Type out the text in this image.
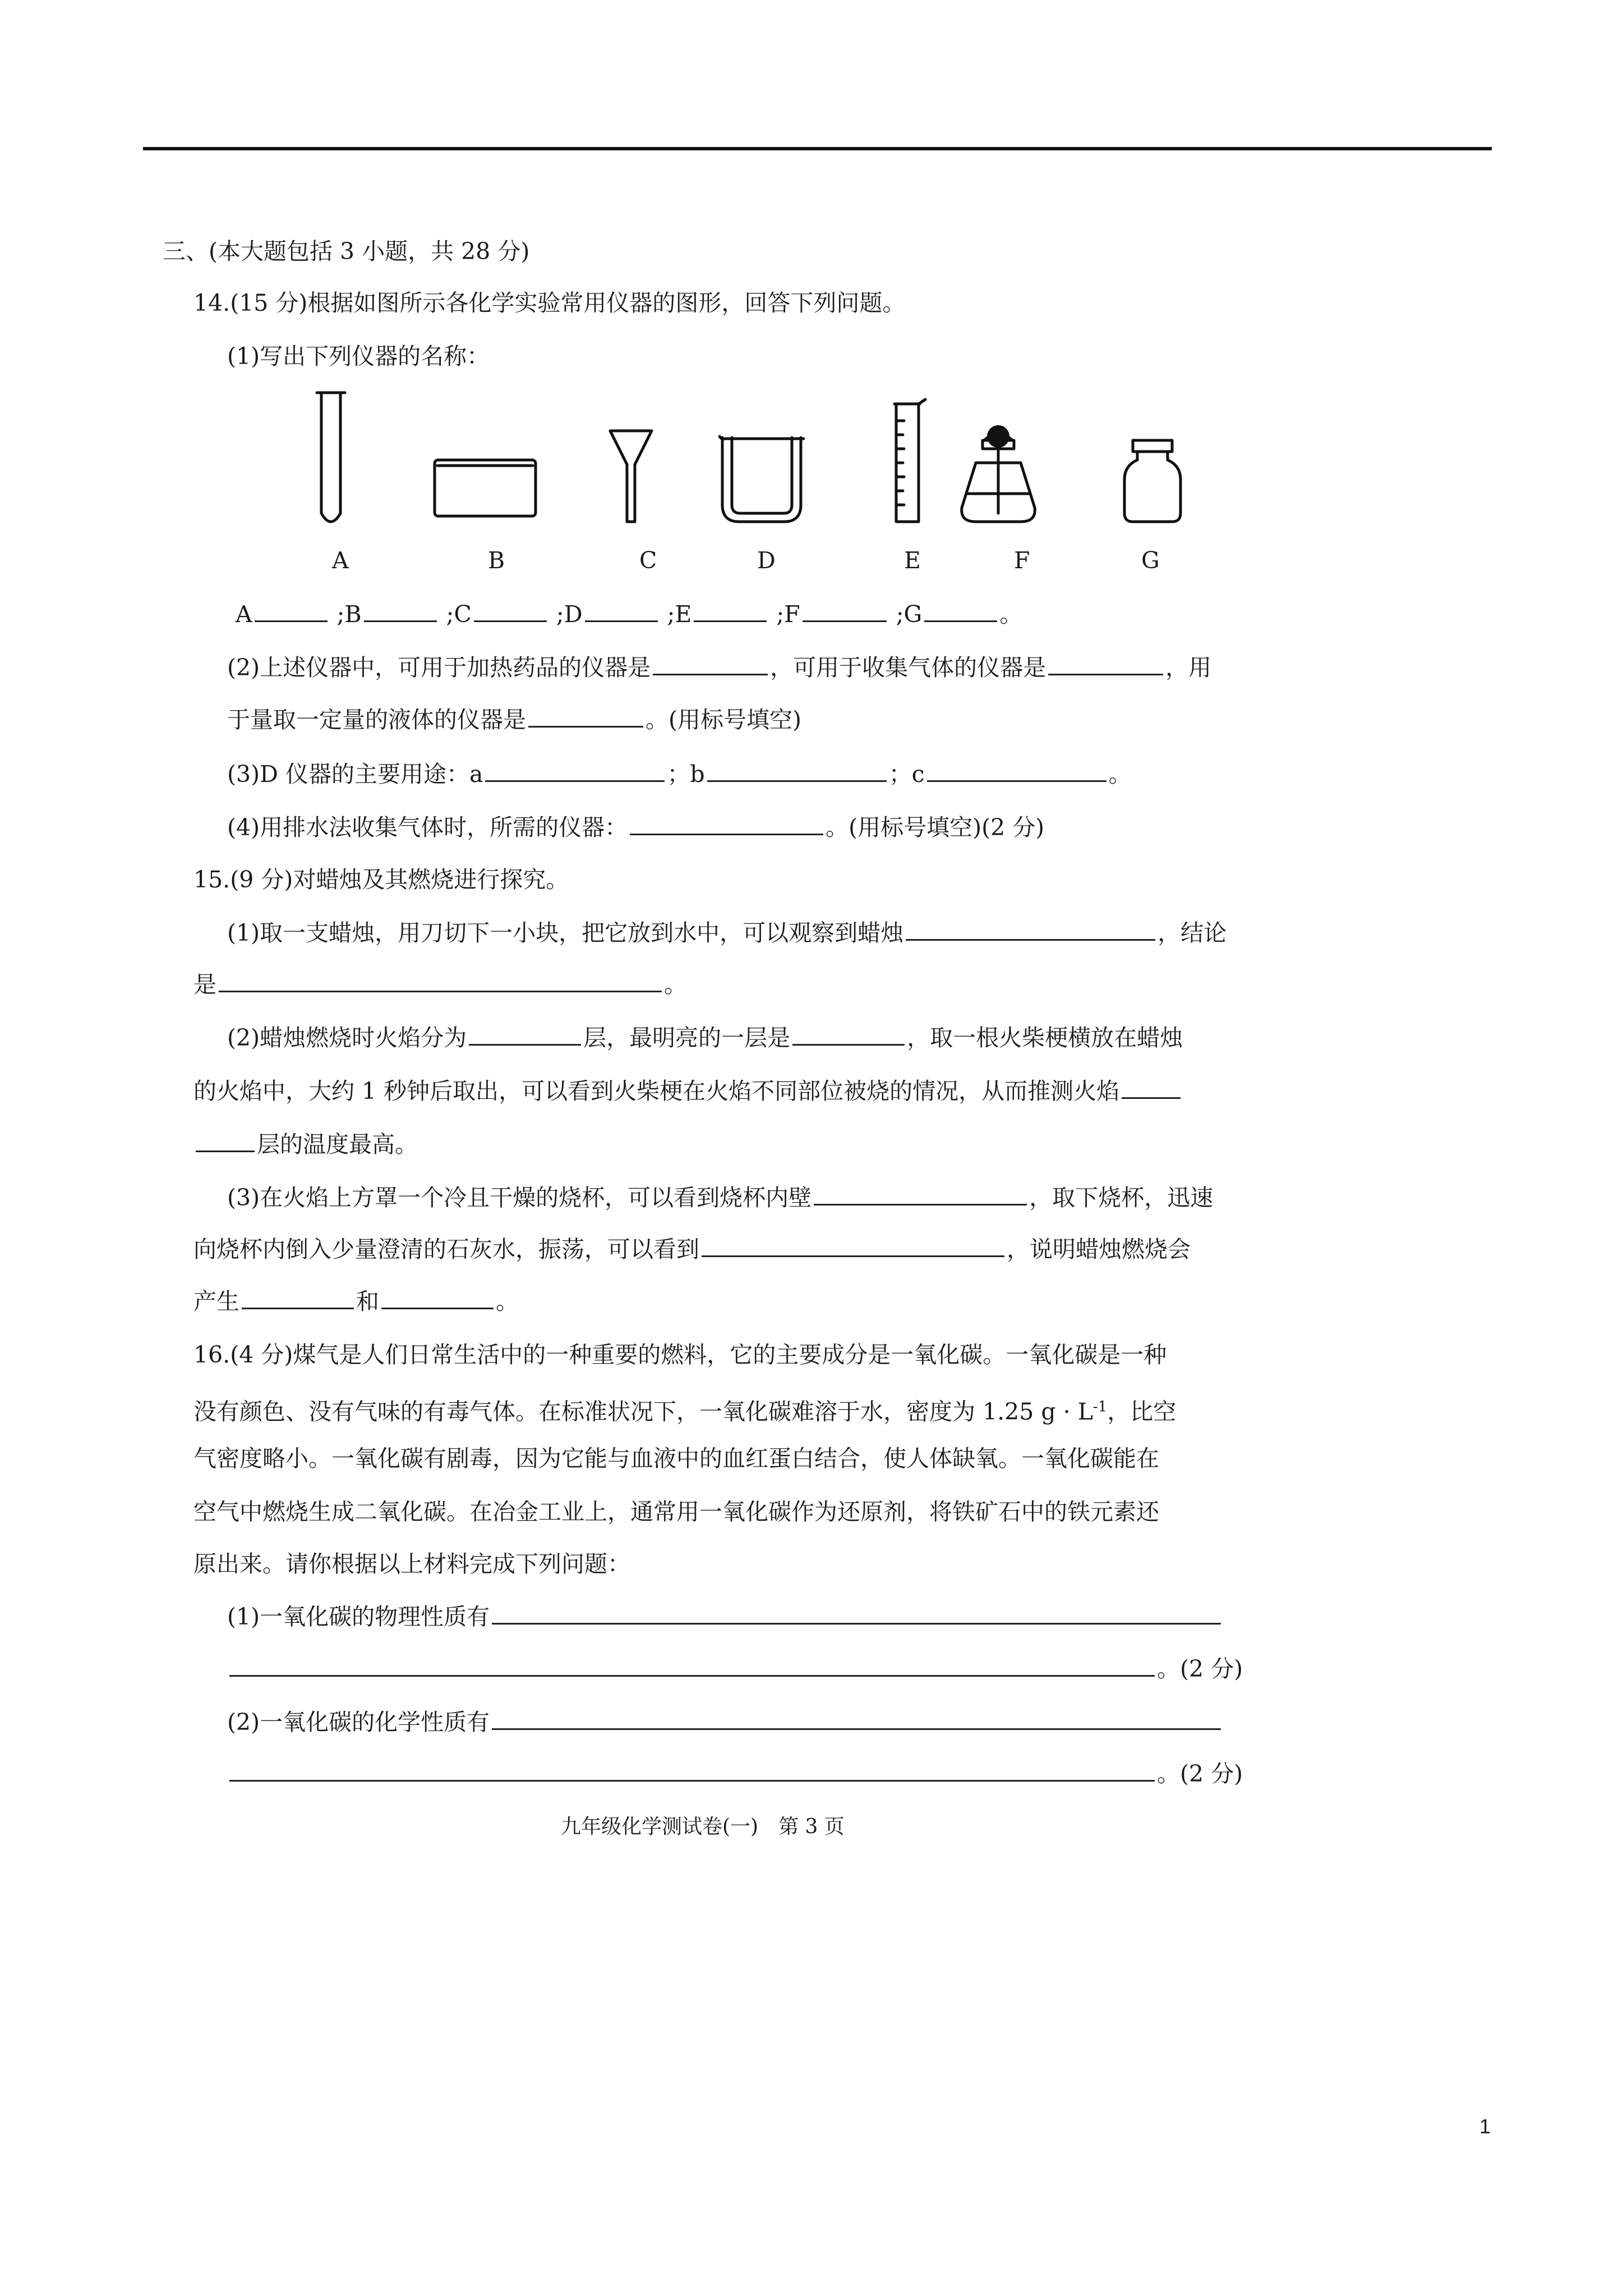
三、(本大题包括 3 小题，共 28 分)
14.(15 分)根据如图所示各化学实验常用仪器的图形，回答下列问题。
(1)写出下列仪器的名称：
A	B	C	D	E	F	G
A	;B	;C	;D	;E	;F	;G	。
(2)上述仪器中，可用于加热药品的仪器是	，可用于收集气体的仪器是	，用
于量取一定量的液体的仪器是	。(用标号填空)
(3)D 仪器的主要用途：a	；b	；c	。
(4)用排水法收集气体时，所需的仪器：	。(用标号填空)(2 分)
15.(9 分)对蜡烛及其燃烧进行探究。
(1)取一支蜡烛，用刀切下一小块，把它放到水中，可以观察到蜡烛	，结论
是	。
(2)蜡烛燃烧时火焰分为	层，最明亮的一层是	，取一根火柴梗横放在蜡烛
的火焰中，大约 1 秒钟后取出，可以看到火柴梗在火焰不同部位被烧的情况，从而推测火焰
层的温度最高。
(3)在火焰上方罩一个冷且干燥的烧杯，可以看到烧杯内壁	，取下烧杯，迅速
向烧杯内倒入少量澄清的石灰水，振荡，可以看到	，说明蜡烛燃烧会
产生	和	。
16.(4 分)煤气是人们日常生活中的一种重要的燃料，它的主要成分是一氧化碳。一氧化碳是一种
没有颜色、没有气味的有毒气体。在标准状况下，一氧化碳难溶于水，密度为 1.25 $g \cdot L^{-1}$，比空
气密度略小。一氧化碳有剧毒，因为它能与血液中的血红蛋白结合，使人体缺氧。一氧化碳能在
空气中燃烧生成二氧化碳。在冶金工业上，通常用一氧化碳作为还原剂，将铁矿石中的铁元素还
原出来。请你根据以上材料完成下列问题：
(1)一氧化碳的物理性质有
。(2 分)
(2)一氧化碳的化学性质有
。(2 分)
九年级化学测试卷(一)　第 3 页
1
